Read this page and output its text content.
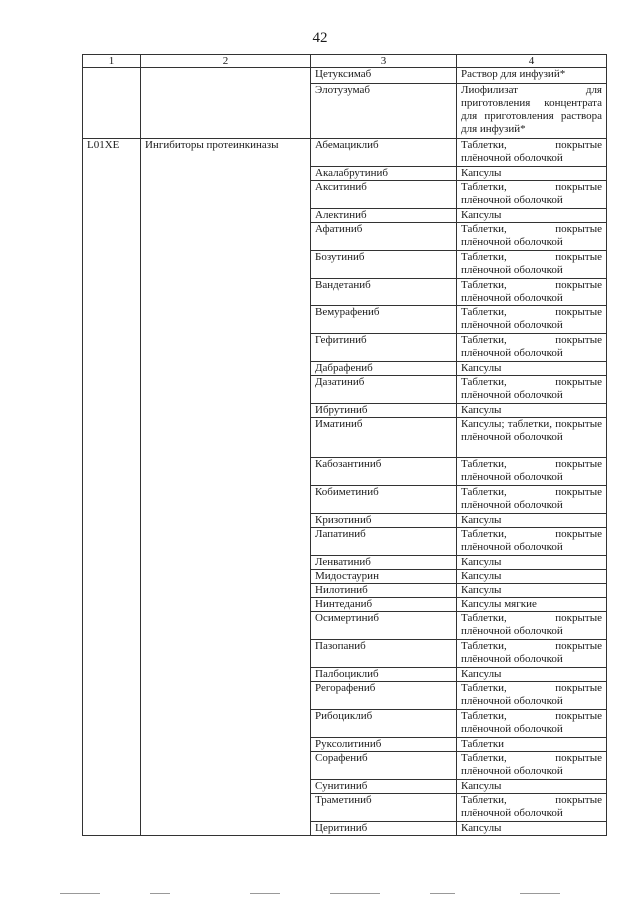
42
1	2	3	4
		Цетуксимаб	Раствор для инфузий*
		Элотузумаб	Лиофилизат для приготовления концентрата для приготовления раствора для инфузий*
L01XE	Ингибиторы протеинкиназы	Абемациклиб	Таблетки, покрытые плёночной оболочкой
		Акалабрутиниб	Капсулы
		Акситиниб	Таблетки, покрытые плёночной оболочкой
		Алектиниб	Капсулы
		Афатиниб	Таблетки, покрытые плёночной оболочкой
		Бозутиниб	Таблетки, покрытые плёночной оболочкой
		Вандетаниб	Таблетки, покрытые плёночной оболочкой
		Вемурафениб	Таблетки, покрытые плёночной оболочкой
		Гефитиниб	Таблетки, покрытые плёночной оболочкой
		Дабрафениб	Капсулы
		Дазатиниб	Таблетки, покрытые плёночной оболочкой
		Ибрутиниб	Капсулы
		Иматиниб	Капсулы; таблетки, покрытые плёночной оболочкой
		Кабозантиниб	Таблетки, покрытые плёночной оболочкой
		Кобиметиниб	Таблетки, покрытые плёночной оболочкой
		Кризотиниб	Капсулы
		Лапатиниб	Таблетки, покрытые плёночной оболочкой
		Ленватиниб	Капсулы
		Мидостаурин	Капсулы
		Нилотиниб	Капсулы
		Нинтеданиб	Капсулы мягкие
		Осимертиниб	Таблетки, покрытые плёночной оболочкой
		Пазопаниб	Таблетки, покрытые плёночной оболочкой
		Палбоциклиб	Капсулы
		Регорафениб	Таблетки, покрытые плёночной оболочкой
		Рибоциклиб	Таблетки, покрытые плёночной оболочкой
		Руксолитиниб	Таблетки
		Сорафениб	Таблетки, покрытые плёночной оболочкой
		Сунитиниб	Капсулы
		Траметиниб	Таблетки, покрытые плёночной оболочкой
		Церитиниб	Капсулы
